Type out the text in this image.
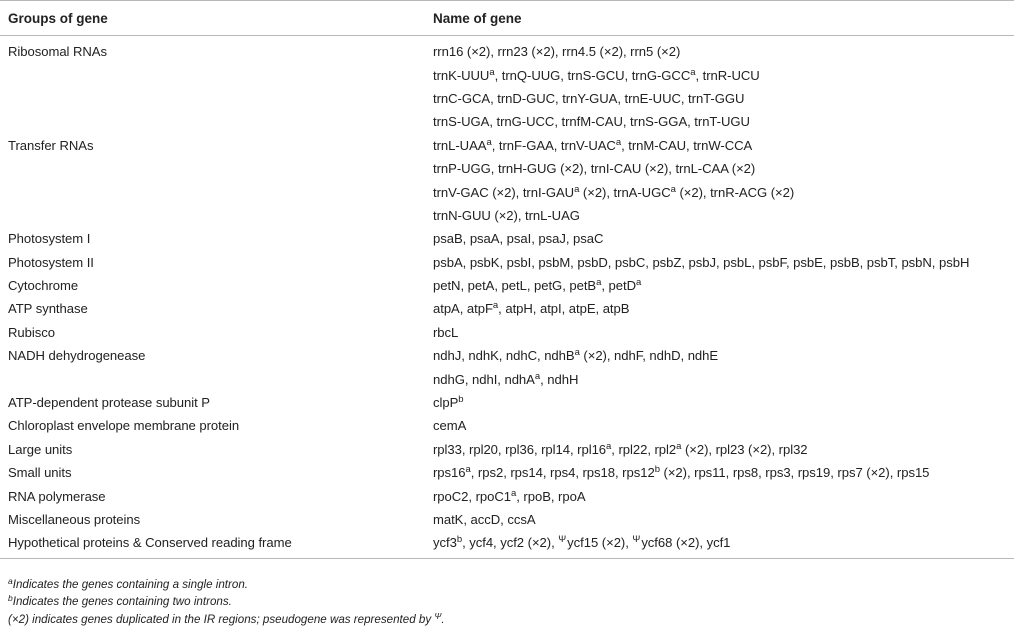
Groups of gene	Name of gene
Ribosomal RNAs	rrn16 (×2), rrn23 (×2), rrn4.5 (×2), rrn5 (×2)
	trnK-UUU$^a$, trnQ-UUG, trnS-GCU, trnG-GCC$^a$, trnR-UCU
	trnC-GCA, trnD-GUC, trnY-GUA, trnE-UUC, trnT-GGU
	trnS-UGA, trnG-UCC, trnfM-CAU, trnS-GGA, trnT-UGU
Transfer RNAs	trnL-UAA$^a$, trnF-GAA, trnV-UAC$^a$, trnM-CAU, trnW-CCA
	trnP-UGG, trnH-GUG (×2), trnI-CAU (×2), trnL-CAA (×2)
	trnV-GAC (×2), trnI-GAU$^a$ (×2), trnA-UGC$^a$ (×2), trnR-ACG (×2)
	trnN-GUU (×2), trnL-UAG
Photosystem I	psaB, psaA, psaI, psaJ, psaC
Photosystem II	psbA, psbK, psbI, psbM, psbD, psbC, psbZ, psbJ, psbL, psbF, psbE, psbB, psbT, psbN, psbH
Cytochrome	petN, petA, petL, petG, petB$^a$, petD$^a$
ATP synthase	atpA, atpF$^a$, atpH, atpI, atpE, atpB
Rubisco	rbcL
NADH dehydrogenease	ndhJ, ndhK, ndhC, ndhB$^a$ (×2), ndhF, ndhD, ndhE
	ndhG, ndhI, ndhA$^a$, ndhH
ATP-dependent protease subunit P	clpP$^b$
Chloroplast envelope membrane protein	cemA
Large units	rpl33, rpl20, rpl36, rpl14, rpl16$^a$, rpl22, rpl2$^a$ (×2), rpl23 (×2), rpl32
Small units	rps16$^a$, rps2, rps14, rps4, rps18, rps12$^b$ (×2), rps11, rps8, rps3, rps19, rps7 (×2), rps15
RNA polymerase	rpoC2, rpoC1$^a$, rpoB, rpoA
Miscellaneous proteins	matK, accD, ccsA
Hypothetical proteins & Conserved reading frame	ycf3$^b$, ycf4, ycf2 (×2), $^\Psi$ycf15 (×2), $^\Psi$ycf68 (×2), ycf1
$^a$Indicates the genes containing a single intron.
$^b$Indicates the genes containing two introns.
(×2) indicates genes duplicated in the IR regions; pseudogene was represented by $^\Psi$.
